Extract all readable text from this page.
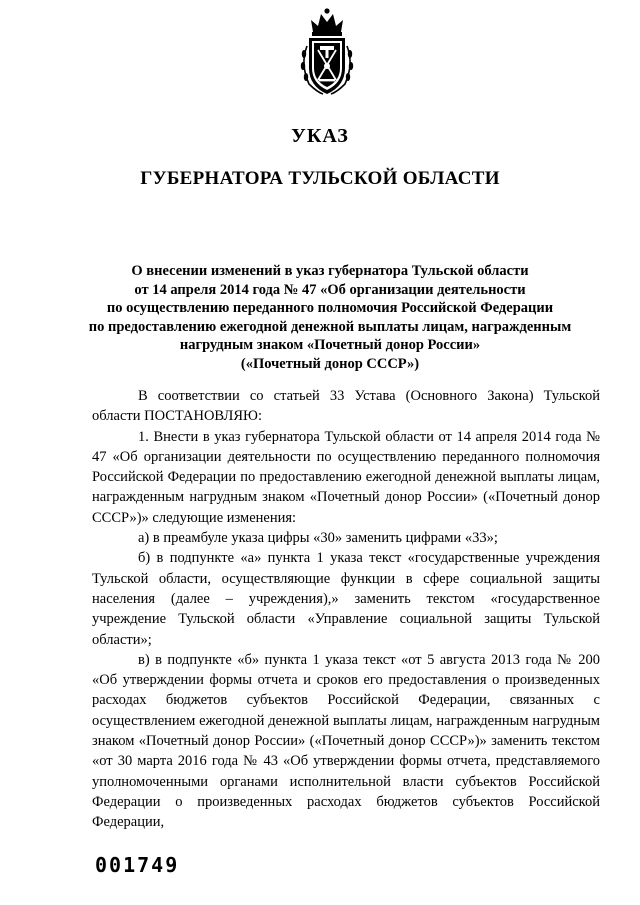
УКАЗ
ГУБЕРНАТОРА ТУЛЬСКОЙ ОБЛАСТИ
О внесении изменений в указ губернатора Тульской области
от 14 апреля 2014 года № 47 «Об организации деятельности
по осуществлению переданного полномочия Российской Федерации
по предоставлению ежегодной денежной выплаты лицам, награжденным
нагрудным знаком «Почетный донор России»
(«Почетный донор СССР»)

В соответствии со статьей 33 Устава (Основного Закона) Тульской области ПОСТАНОВЛЯЮ:

1. Внести в указ губернатора Тульской области от 14 апреля 2014 года № 47 «Об организации деятельности по осуществлению переданного полномочия Российской Федерации по предоставлению ежегодной денежной выплаты лицам, награжденным нагрудным знаком «Почетный донор России» («Почетный донор СССР»)» следующие изменения:

а) в преамбуле указа цифры «30» заменить цифрами «33»;

б) в подпункте «а» пункта 1 указа текст «государственные учреждения Тульской области, осуществляющие функции в сфере социальной защиты населения (далее – учреждения),» заменить текстом «государственное учреждение Тульской области «Управление социальной защиты Тульской области»;

в) в подпункте «б» пункта 1 указа текст «от 5 августа 2013 года № 200 «Об утверждении формы отчета и сроков его предоставления о произведенных расходах бюджетов субъектов Российской Федерации, связанных с осуществлением ежегодной денежной выплаты лицам, награжденным нагрудным знаком «Почетный донор России» («Почетный донор СССР»)» заменить текстом «от 30 марта 2016 года № 43 «Об утверждении формы отчета, представляемого уполномоченными органами исполнительной власти субъектов Российской Федерации о произведенных расходах бюджетов субъектов Российской Федерации,

001749
